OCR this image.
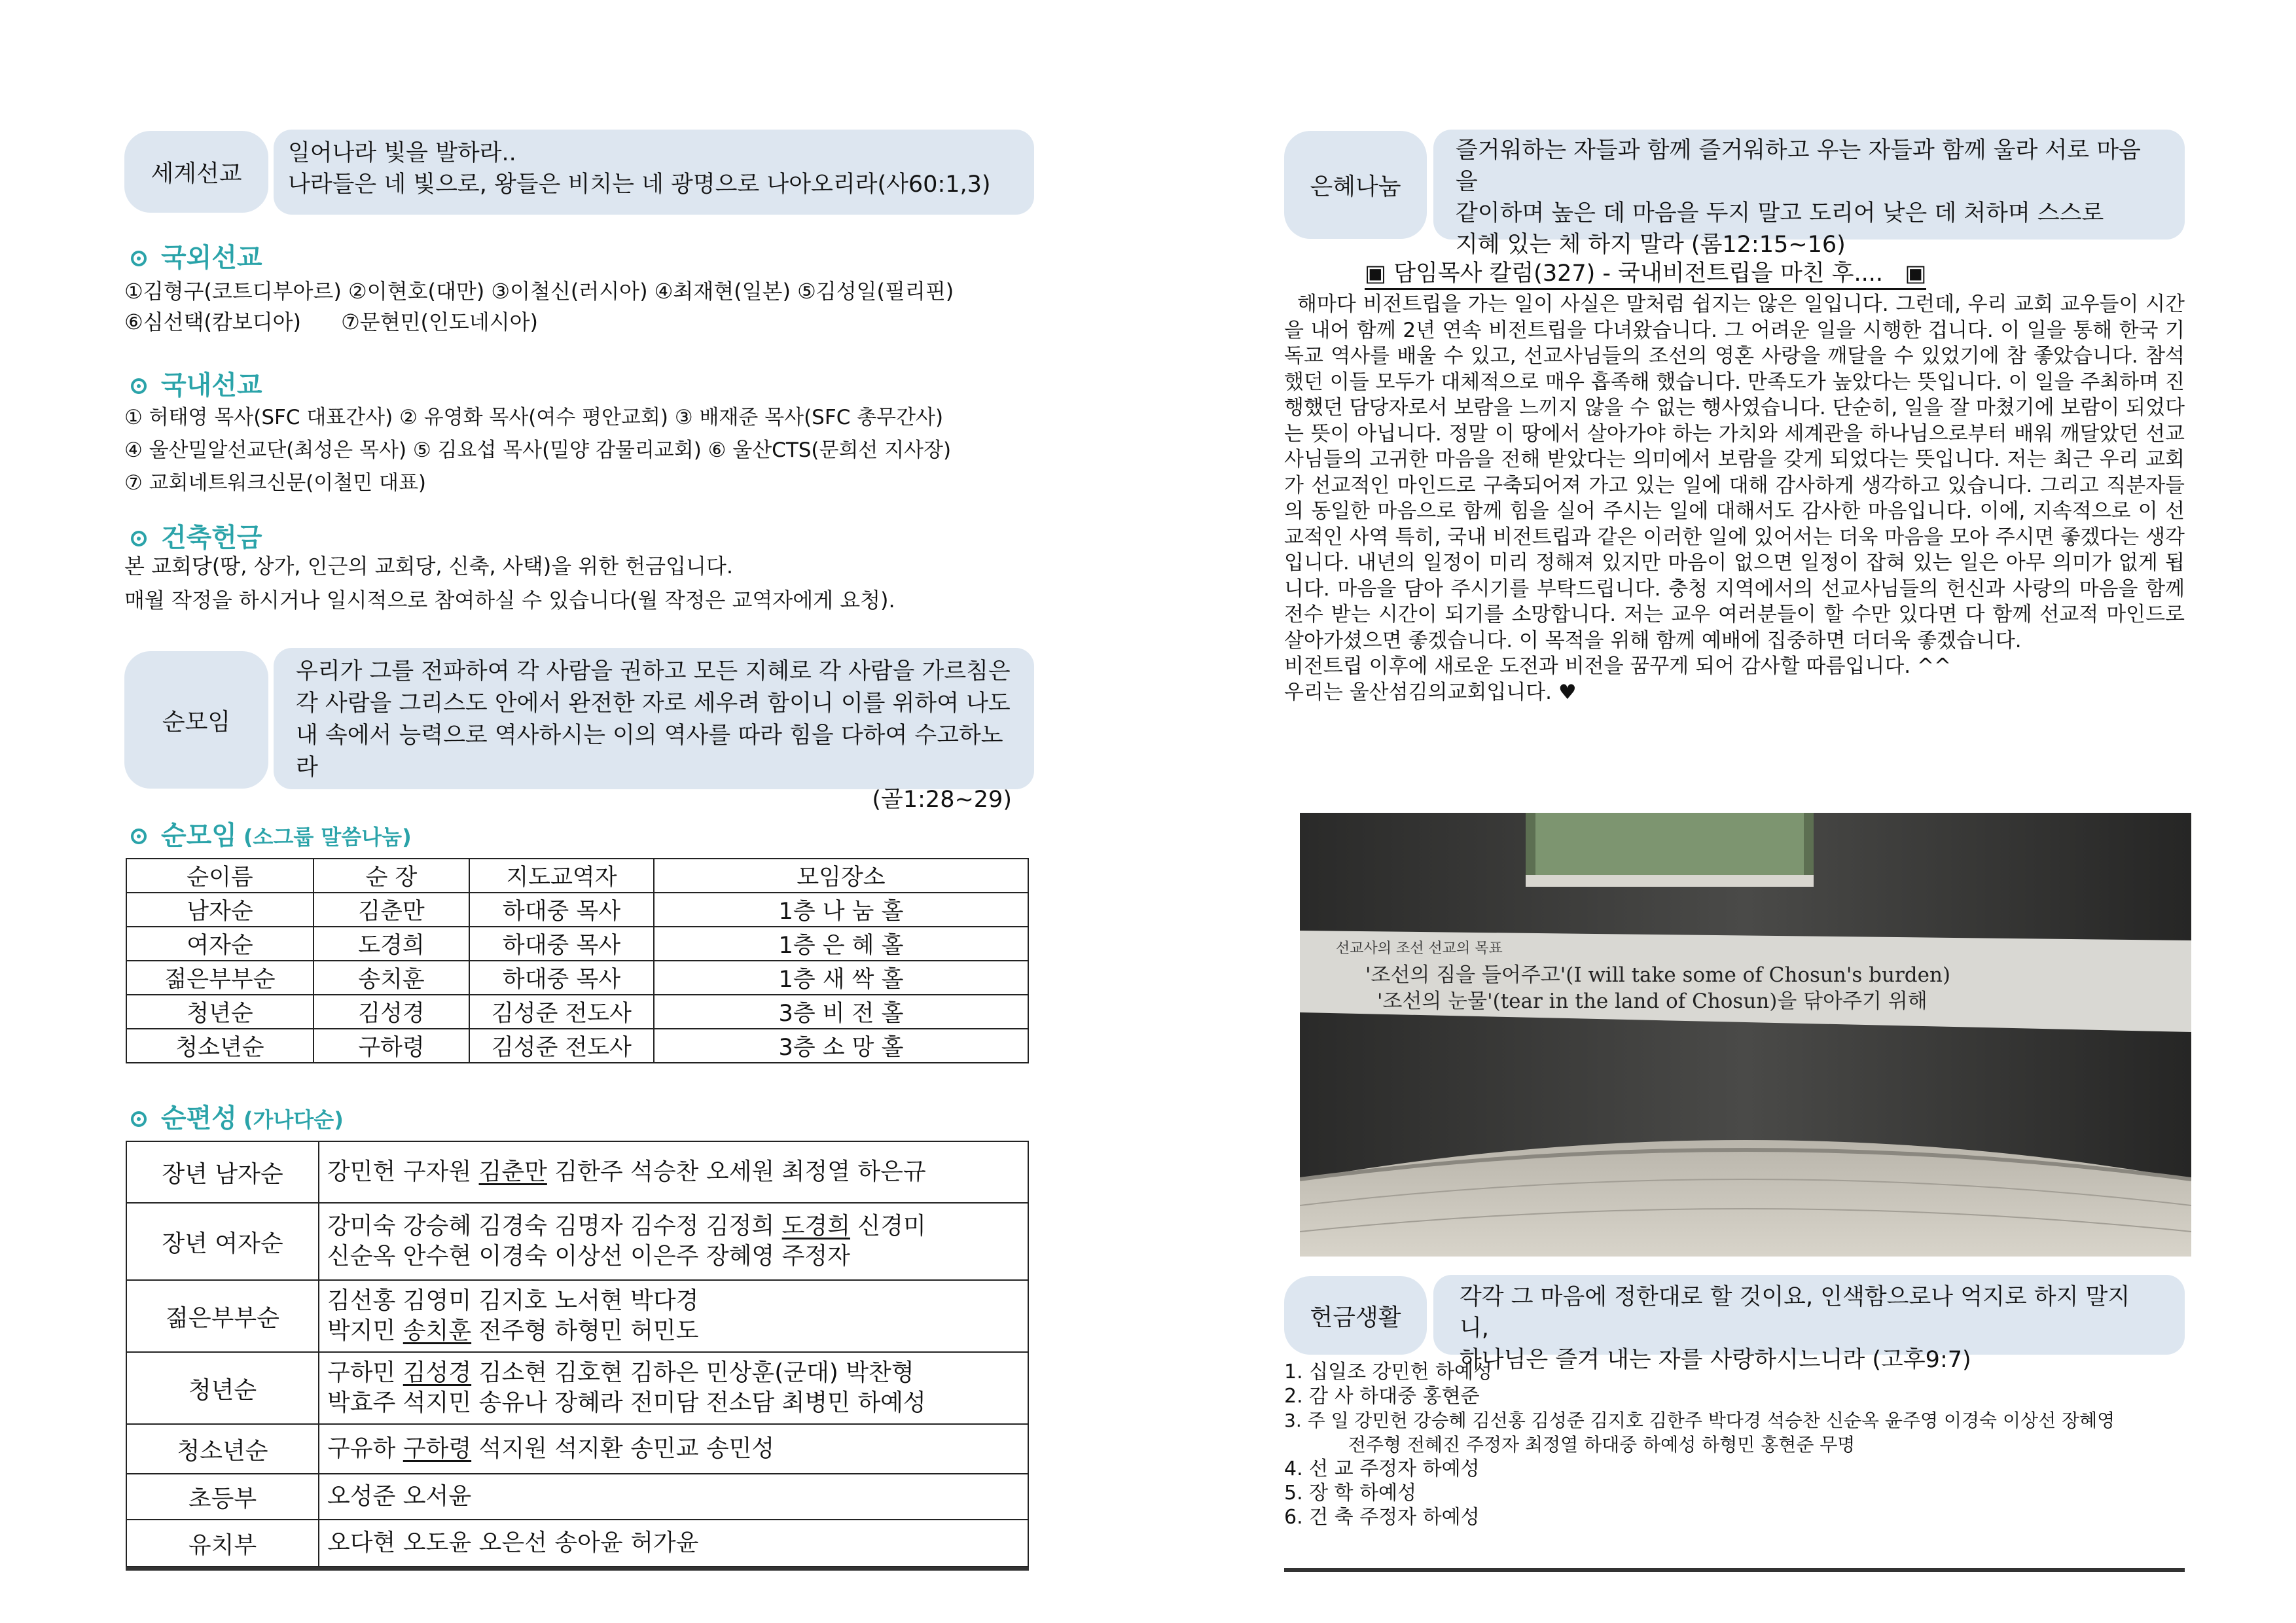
세계선교
일어나라 빛을 발하라..
나라들은 네 빛으로, 왕들은 비치는 네 광명으로 나아오리라(사60:1,3)
국외선교
①김형구(코트디부아르) ②이현호(대만) ③이철신(러시아) ④최재현(일본) ⑤김성일(필리핀)
⑥심선택(캄보디아)      ⑦문현민(인도네시아)
국내선교
① 허태영 목사(SFC 대표간사) ② 유영화 목사(여수 평안교회) ③ 배재준 목사(SFC 총무간사)
④ 울산밀알선교단(최성은 목사) ⑤ 김요섭 목사(밀양 감물리교회) ⑥ 울산CTS(문희선 지사장)
⑦ 교회네트워크신문(이철민 대표)
건축헌금
본 교회당(땅, 상가, 인근의 교회당, 신축, 사택)을 위한 헌금입니다.
매월 작정을 하시거나 일시적으로 참여하실 수 있습니다(월 작정은 교역자에게 요청).
순모임
우리가 그를 전파하여 각 사람을 권하고 모든 지혜로 각 사람을 가르침은
각 사람을 그리스도 안에서 완전한 자로 세우려 함이니 이를 위하여 나도
내 속에서 능력으로 역사하시는 이의 역사를 따라 힘을 다하여 수고하노라
(골1:28~29)
순모임 (소그룹 말씀나눔)
순이름	순 장	지도교역자	모임장소
남자순	김춘만	하대중 목사	1층 나 눔 홀
여자순	도경희	하대중 목사	1층 은 혜 홀
젊은부부순	송치훈	하대중 목사	1층 새 싹 홀
청년순	김성경	김성준 전도사	3층 비 전 홀
청소년순	구하령	김성준 전도사	3층 소 망 홀
순편성 (가나다순)
장년 남자순	강민헌 구자원 김춘만 김한주 석승찬 오세원 최정열 하은규

장년 여자순	강미숙 강승혜 김경숙 김명자 김수정 김정희 도경희 신경미
신순옥 안수현 이경숙 이상선 이은주 장혜영 주정자

젊은부부순	김선홍 김영미 김지호 노서현 박다경
박지민 송치훈 전주형 하형민 허민도

청년순	구하민 김성경 김소현 김호현 김하은 민상훈(군대) 박찬형
박효주 석지민 송유나 장혜라 전미담 전소담 최병민 하예성

청소년순	구유하 구하령 석지원 석지환 송민교 송민성

초등부	오성준 오서윤

유치부	오다현 오도윤 오은선 송아윤 허가윤
은혜나눔
즐거워하는 자들과 함께 즐거워하고 우는 자들과 함께 울라 서로 마음을
같이하며 높은 데 마음을 두지 말고 도리어 낮은 데 처하며 스스로
지혜 있는 체 하지 말라 (롬12:15~16)
▣ 담임목사 칼럼(327) - 국내비전트립을 마친 후....   ▣

해마다 비전트립을 가는 일이 사실은 말처럼 쉽지는 않은 일입니다. 그런데, 우리 교회 교우들이 시간을 내어 함께 2년 연속 비전트립을 다녀왔습니다. 그 어려운 일을 시행한 겁니다. 이 일을 통해 한국 기독교 역사를 배울 수 있고, 선교사님들의 조선의 영혼 사랑을 깨달을 수 있었기에 참 좋았습니다. 참석했던 이들 모두가 대체적으로 매우 흡족해 했습니다. 만족도가 높았다는 뜻입니다. 이 일을 주최하며 진행했던 담당자로서 보람을 느끼지 않을 수 없는 행사였습니다. 단순히, 일을 잘 마쳤기에 보람이 되었다는 뜻이 아닙니다. 정말 이 땅에서 살아가야 하는 가치와 세계관을 하나님으로부터 배워 깨달았던 선교사님들의 고귀한 마음을 전해 받았다는 의미에서 보람을 갖게 되었다는 뜻입니다. 저는 최근 우리 교회가 선교적인 마인드로 구축되어져 가고 있는 일에 대해 감사하게 생각하고 있습니다. 그리고 직분자들의 동일한 마음으로 함께 힘을 실어 주시는 일에 대해서도 감사한 마음입니다. 이에, 지속적으로 이 선교적인 사역 특히, 국내 비전트립과 같은 이러한 일에 있어서는 더욱 마음을 모아 주시면 좋겠다는 생각입니다. 내년의 일정이 미리 정해져 있지만 마음이 없으면 일정이 잡혀 있는 일은 아무 의미가 없게 됩니다. 마음을 담아 주시기를 부탁드립니다. 충청 지역에서의 선교사님들의 헌신과 사랑의 마음을 함께 전수 받는 시간이 되기를 소망합니다. 저는 교우 여러분들이 할 수만 있다면 다 함께 선교적 마인드로 살아가셨으면 좋겠습니다. 이 목적을 위해 함께 예배에 집중하면 더더욱 좋겠습니다.

비전트립 이후에 새로운 도전과 비전을 꿈꾸게 되어 감사할 따름입니다. ^^

우리는 울산섬김의교회입니다. ♥

선교사의 조선 선교의 목표
'조선의 짐을 들어주고'(I will take some of Chosun's burden)
'조선의 눈물'(tear in the land of Chosun)을 닦아주기 위해
헌금생활
각각 그 마음에 정한대로 할 것이요, 인색함으로나 억지로 하지 말지니,
하나님은 즐겨 내는 자를 사랑하시느니라 (고후9:7)
1. 십일조 강민헌 하예성
2. 감 사 하대중 홍현준
3. 주 일 강민헌 강승혜 김선홍 김성준 김지호 김한주 박다경 석승찬 신순옥 윤주영 이경숙 이상선 장혜영
전주형 전혜진 주정자 최정열 하대중 하예성 하형민 홍현준 무명
4. 선 교 주정자 하예성
5. 장 학 하예성
6. 건 축 주정자 하예성
